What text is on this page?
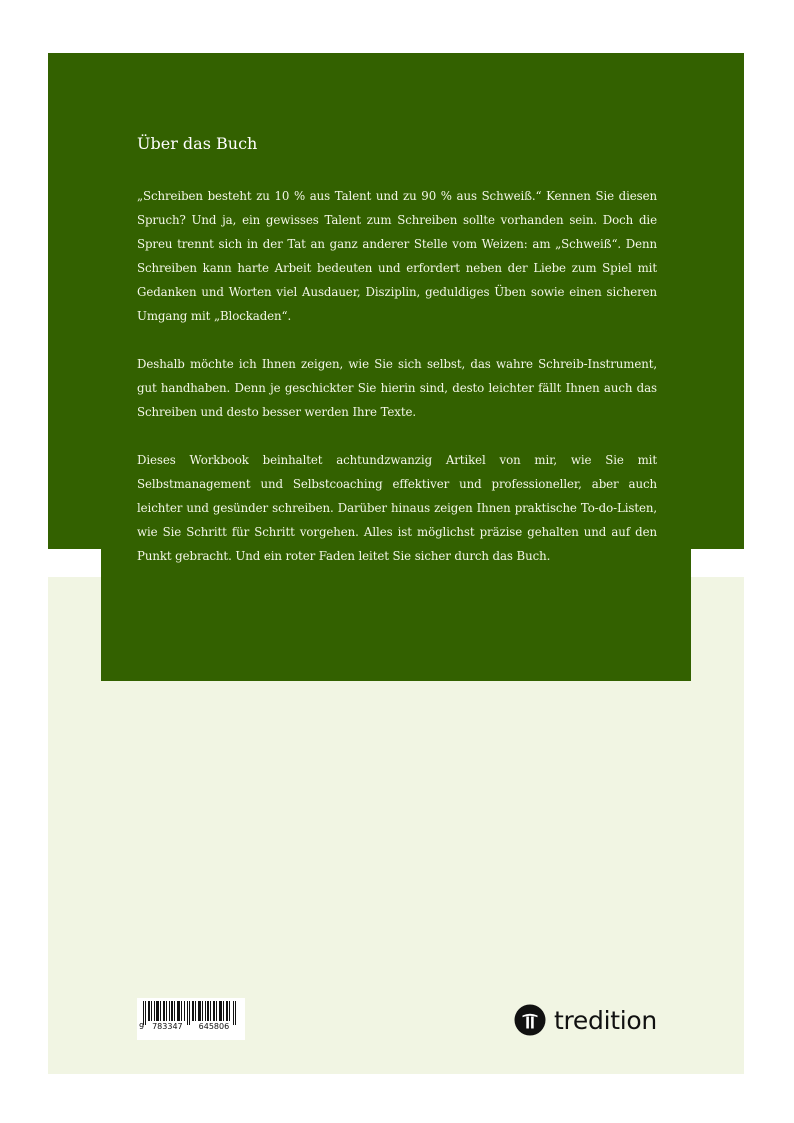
Über das Buch

„Schreiben besteht zu 10 % aus Talent und zu 90 % aus Schweiß.“ Kennen Sie diesen Spruch? Und ja, ein gewisses Talent zum Schreiben sollte vorhanden sein. Doch die Spreu trennt sich in der Tat an ganz anderer Stelle vom Weizen: am „Schweiß“. Denn Schreiben kann harte Arbeit bedeuten und erfordert neben der Liebe zum Spiel mit Gedanken und Worten viel Ausdauer, Disziplin, geduldiges Üben sowie einen sicheren Umgang mit „Blockaden“.

Deshalb möchte ich Ihnen zeigen, wie Sie sich selbst, das wahre Schreib-Instrument, gut handhaben. Denn je geschickter Sie hierin sind, desto leichter fällt Ihnen auch das Schreiben und desto besser werden Ihre Texte.

Dieses Workbook beinhaltet achtundzwanzig Artikel von mir, wie Sie mit Selbstmanagement und Selbstcoaching effektiver und professioneller, aber auch leichter und gesünder schreiben. Darüber hinaus zeigen Ihnen praktische To-do-Listen, wie Sie Schritt für Schritt vorgehen. Alles ist möglichst präzise gehalten und auf den Punkt gebracht. Und ein roter Faden leitet Sie sicher durch das Buch.

9 783347 645806	tredition
